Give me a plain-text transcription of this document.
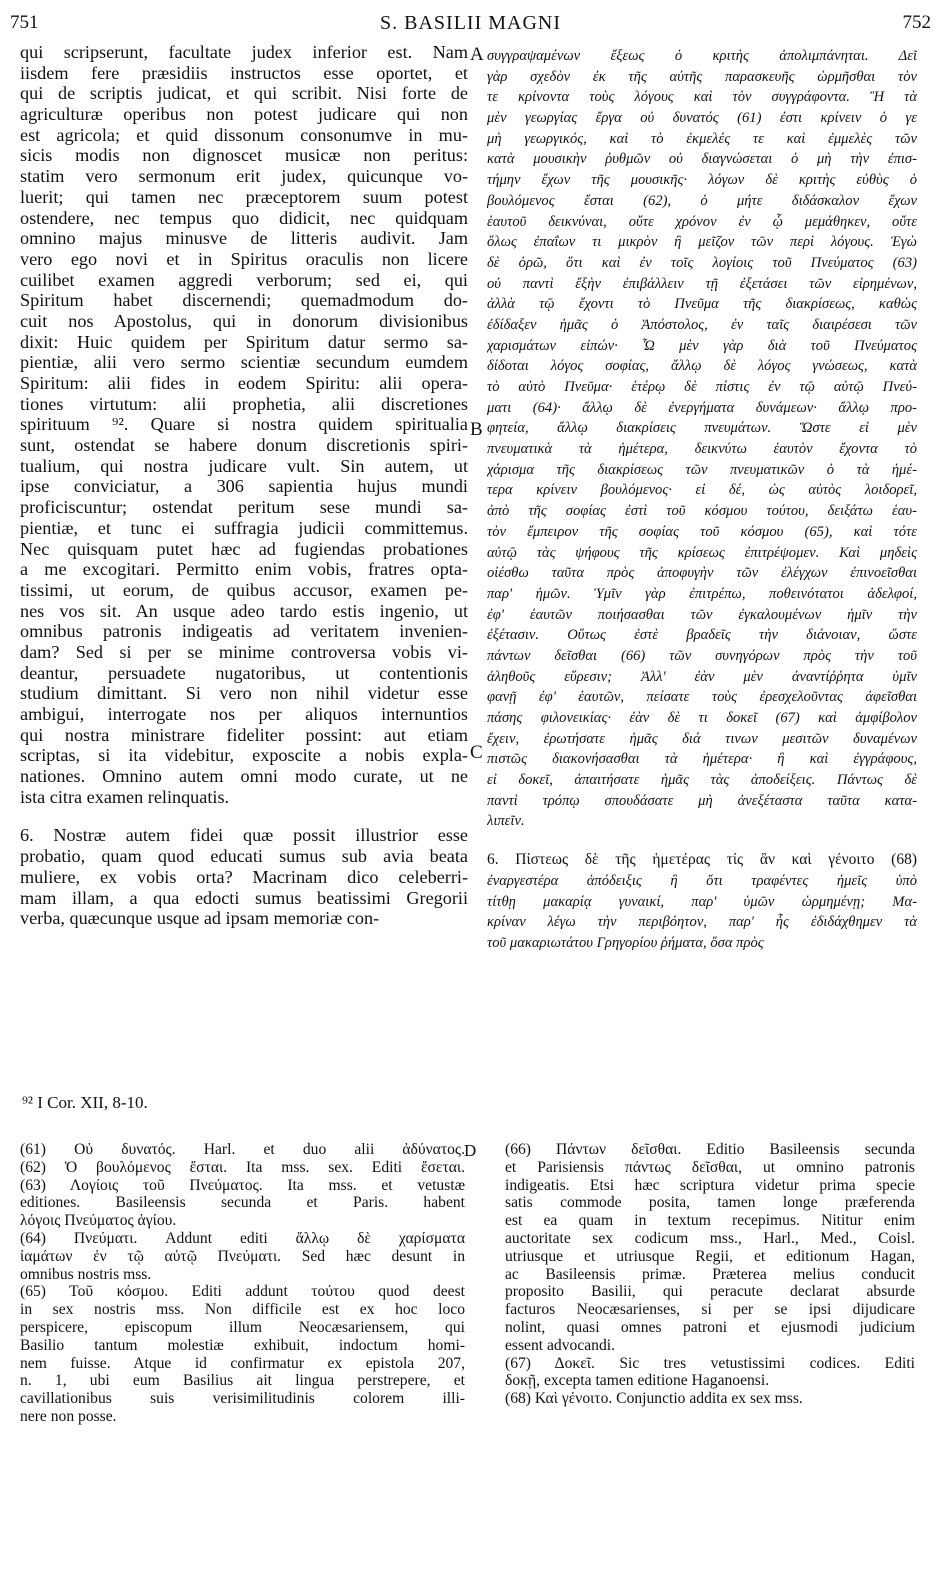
751	S. BASILII MAGNI	752
qui scripserunt, facultate judex inferior est. Nam
iisdem fere præsidiis instructos esse oportet, et
qui de scriptis judicat, et qui scribit. Nisi forte de
agriculturæ operibus non potest judicare qui non
est agricola; et quid dissonum consonumve in mu-
sicis modis non dignoscet musicæ non peritus:
statim vero sermonum erit judex, quicunque vo-
luerit; qui tamen nec præceptorem suum potest
ostendere, nec tempus quo didicit, nec quidquam
omnino majus minusve de litteris audivit. Jam
vero ego novi et in Spiritus oraculis non licere
cuilibet examen aggredi verborum; sed ei, qui
Spiritum habet discernendi; quemadmodum do-
cuit nos Apostolus, qui in donorum divisionibus
dixit: Huic quidem per Spiritum datur sermo sa-
pientiæ, alii vero sermo scientiæ secundum eumdem
Spiritum: alii fides in eodem Spiritu: alii opera-
tiones virtutum: alii prophetia, alii discretiones
spirituum ⁹². Quare si nostra quidem spiritualia
sunt, ostendat se habere donum discretionis spiri-
tualium, qui nostra judicare vult. Sin autem, ut
ipse conviciatur, a 306 sapientia hujus mundi
proficiscuntur; ostendat peritum sese mundi sa-
pientiæ, et tunc ei suffragia judicii committemus.
Nec quisquam putet hæc ad fugiendas probationes
a me excogitari. Permitto enim vobis, fratres opta-
tissimi, ut eorum, de quibus accusor, examen pe-
nes vos sit. An usque adeo tardo estis ingenio, ut
omnibus patronis indigeatis ad veritatem invenien-
dam? Sed si per se minime controversa vobis vi-
deantur, persuadete nugatoribus, ut contentionis
studium dimittant. Si vero non nihil videtur esse
ambigui, interrogate nos per aliquos internuntios
qui nostra ministrare fideliter possint: aut etiam
scriptas, si ita videbitur, exposcite a nobis expla-
nationes. Omnino autem omni modo curate, ut ne
ista citra examen relinquatis.
6. Nostræ autem fidei quæ possit illustrior esse
probatio, quam quod educati sumus sub avia beata
muliere, ex vobis orta? Macrinam dico celeberri-
mam illam, a qua edocti sumus beatissimi Gregorii
verba, quæcunque usque ad ipsam memoriæ con-
συγγραψαμένων ἔξεως ὁ κριτὴς ἀπολιμπάνηται. Δεῖ
γὰρ σχεδὸν ἐκ τῆς αὐτῆς παρασκευῆς ὡρμῆσθαι τὸν
τε κρίνοντα τοὺς λόγους καὶ τὸν συγγράφοντα. Ἢ τὰ
μὲν γεωργίας ἔργα οὐ δυνατός (61) ἐστι κρίνειν ὁ γε
μὴ γεωργικός, καὶ τὸ ἐκμελές τε καὶ ἐμμελὲς τῶν
κατὰ μουσικὴν ῥυθμῶν οὐ διαγνώσεται ὁ μὴ τὴν ἐπισ-
τήμην ἔχων τῆς μουσικῆς· λόγων δὲ κριτὴς εὐθὺς ὁ
βουλόμενος ἔσται (62), ὁ μήτε διδάσκαλον ἔχων
ἑαυτοῦ δεικνύναι, οὔτε χρόνον ἐν ᾧ μεμάθηκεν, οὔτε
ὅλως ἐπαΐων τι μικρὸν ἢ μεῖζον τῶν περὶ λόγους. Ἐγὼ
δὲ ὁρῶ, ὅτι καὶ ἐν τοῖς λογίοις τοῦ Πνεύματος (63)
οὐ παντὶ ἔξὴν ἐπιβάλλειν τῇ ἐξετάσει τῶν εἰρημένων,
ἀλλὰ τῷ ἔχοντι τὸ Πνεῦμα τῆς διακρίσεως, καθὼς
ἐδίδαξεν ἡμᾶς ὁ Ἀπόστολος, ἐν ταῖς διαιρέσεσι τῶν
χαρισμάτων εἰπών· Ὧ μὲν γὰρ διὰ τοῦ Πνεύματος
δίδοται λόγος σοφίας, ἄλλῳ δὲ λόγος γνώσεως, κατὰ
τὸ αὐτὸ Πνεῦμα· ἑτέρῳ δὲ πίστις ἐν τῷ αὐτῷ Πνεύ-
ματι (64)· ἄλλῳ δὲ ἐνεργήματα δυνάμεων· ἄλλῳ προ-
φητεία, ἄλλῳ διακρίσεις πνευμάτων. Ὥστε εἰ μὲν
πνευματικὰ τὰ ἡμέτερα, δεικνύτω ἑαυτὸν ἔχοντα τὸ
χάρισμα τῆς διακρίσεως τῶν πνευματικῶν ὁ τὰ ἡμέ-
τερα κρίνειν βουλόμενος· εἰ δέ, ὡς αὐτὸς λοιδορεῖ,
ἀπὸ τῆς σοφίας ἐστὶ τοῦ κόσμου τούτου, δειξάτω ἑαυ-
τὸν ἔμπειρον τῆς σοφίας τοῦ κόσμου (65), καὶ τότε
αὐτῷ τὰς ψήφους τῆς κρίσεως ἐπιτρέψομεν. Καὶ μηδεὶς
οἰέσθω ταῦτα πρὸς ἀποφυγὴν τῶν ἐλέγχων ἐπινοεῖσθαι
παρ' ἡμῶν. Ὑμῖν γὰρ ἐπιτρέπω, ποθεινότατοι ἀδελφοί,
ἐφ' ἑαυτῶν ποιήσασθαι τῶν ἐγκαλουμένων ἡμῖν τὴν
ἐξέτασιν. Οὕτως ἐστὲ βραδεῖς τὴν διάνοιαν, ὥστε
πάντων δεῖσθαι (66) τῶν συνηγόρων πρὸς τὴν τοῦ
ἀληθοῦς εὕρεσιν; Ἀλλ' ἐὰν μὲν ἀναντίῤῥητα ὑμῖν
φανῇ ἐφ' ἑαυτῶν, πείσατε τοὺς ἐρεσχελοῦντας ἀφεῖσθαι
πάσης φιλονεικίας· ἐὰν δὲ τι δοκεῖ (67) καὶ ἀμφίβολον
ἔχειν, ἐρωτήσατε ἡμᾶς διά τινων μεσιτῶν δυναμένων
πιστῶς διακονήσασθαι τὰ ἡμέτερα· ἢ καὶ ἐγγράφους,
εἰ δοκεῖ, ἀπαιτήσατε ἡμᾶς τὰς ἀποδείξεις. Πάντως δὲ
παντὶ τρόπῳ σπουδάσατε μὴ ἀνεξέταστα ταῦτα κατα-
λιπεῖν.
6. Πίστεως δὲ τῆς ἡμετέρας τίς ἂν καὶ γένοιτο (68)
ἐναργεστέρα ἀπόδειξις ἢ ὅτι τραφέντες ἡμεῖς ὑπὸ
τίτθῃ μακαρίᾳ γυναικί, παρ' ὑμῶν ὡρμημένῃ; Μα-
κρίναν λέγω τὴν περιβόητον, παρ' ἧς ἐδιδάχθημεν τὰ
τοῦ μακαριωτάτου Γρηγορίου ῥήματα, ὅσα πρὸς
A
B
C
⁹² I Cor. XII, 8-10.
(61) Οὐ δυνατός. Harl. et duo alii ἀδύνατος.
(62) Ὁ βουλόμενος ἔσται. Ita mss. sex. Editi ἔσεται.
(63) Λογίοις τοῦ Πνεύματος. Ita mss. et vetustæ
editiones. Basileensis secunda et Paris. habent
λόγοις Πνεύματος ἁγίου.
(64) Πνεύματι. Addunt editi ἄλλῳ δὲ χαρίσματα
ἰαμάτων ἐν τῷ αὐτῷ Πνεύματι. Sed hæc desunt in
omnibus nostris mss.
(65) Τοῦ κόσμου. Editi addunt τούτου quod deest
in sex nostris mss. Non difficile est ex hoc loco
perspicere, episcopum illum Neocæsariensem, qui
Basilio tantum molestiæ exhibuit, indoctum homi-
nem fuisse. Atque id confirmatur ex epistola 207,
n. 1, ubi eum Basilius ait lingua perstrepere, et
cavillationibus suis verisimilitudinis colorem illi-
nere non posse.
D (66) Πάντων δεῖσθαι. Editio Basileensis secunda
et Parisiensis πάντως δεῖσθαι, ut omnino patronis
indigeatis. Etsi hæc scriptura videtur prima specie
satis commode posita, tamen longe præferenda
est ea quam in textum recepimus. Nititur enim
auctoritate sex codicum mss., Harl., Med., Coisl.
utriusque et utriusque Regii, et editionum Hagan,
ac Basileensis primæ. Præterea melius conducit
proposito Basilii, qui peracute declarat absurde
facturos Neocæsarienses, si per se ipsi dijudicare
nolint, quasi omnes patroni et ejusmodi judicium
essent advocandi.
(67) Δοκεῖ. Sic tres vetustissimi codices. Editi
δοκῇ, excepta tamen editione Haganoensi.
(68) Καὶ γένοιτο. Conjunctio addita ex sex mss.
